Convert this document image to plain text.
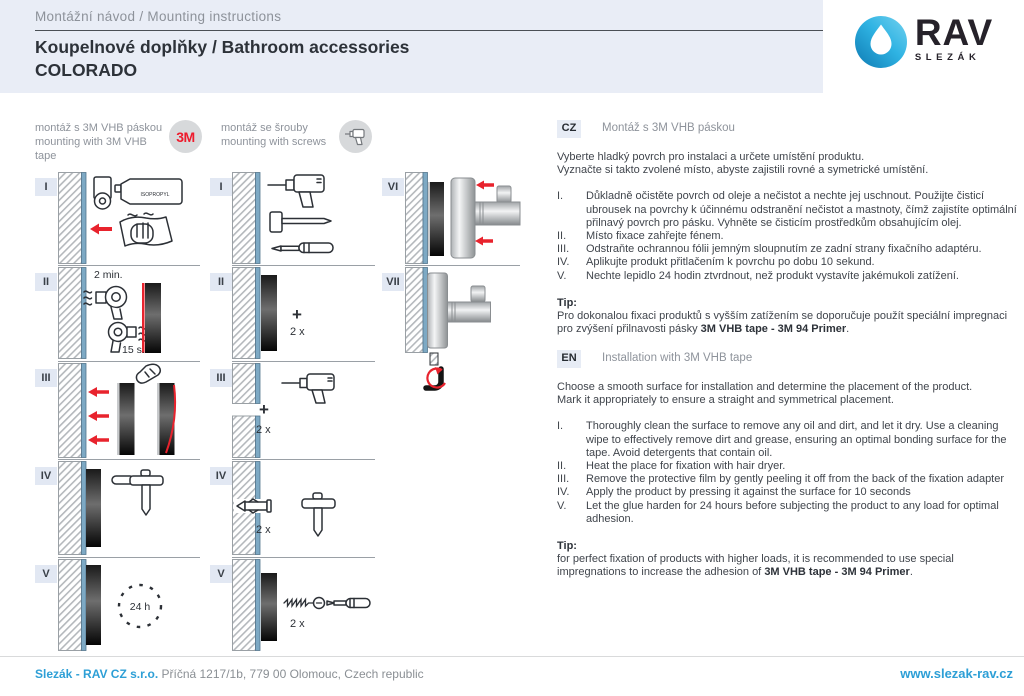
Montážní návod / Mounting instructions
Koupelnové doplňky / Bathroom accessories
COLORADO
RAV
SLEZÁK
montáž s 3M VHB páskou
mounting with 3M VHB tape
3M
montáž se šrouby
mounting with screws
I
II
III
IV
V
I
II
III
IV
V
VI
VII
ISOPROPYL
2 min.
15 s.
24 h
+
2 x
+
2 x
2 x
2 x
CZ	Montáž s 3M VHB páskou

Vyberte hladký povrch pro instalaci a určete umístění produktu.
Vyznačte si takto zvolené místo, abyste zajistili rovné a symetrické umístění.

I.	Důkladně očistěte povrch od oleje a nečistot a nechte jej uschnout. Použijte čisticí ubrousek na povrchy k účinnému odstranění nečistot a mastnoty, čímž zajistíte optimální přilnavý povrch pro pásku. Vyhněte se čisticím prostředkům obsahujícím olej.
II.	Místo fixace zahřejte fénem.
III.	Odstraňte ochrannou fólii jemným sloupnutím ze zadní strany fixačního adaptéru.
IV.	Aplikujte produkt přitlačením k povrchu po dobu 10 sekund.
V.	Nechte lepidlo 24 hodin ztvrdnout, než produkt vystavíte jakémukoli zatížení.

Tip:
Pro dokonalou fixaci produktů s vyšším zatížením se doporučuje použít speciální impregnaci pro zvýšení přilnavosti pásky 3M VHB tape - 3M 94 Primer.

EN	Installation with 3M VHB tape

Choose a smooth surface for installation and determine the placement of the product.
Mark it appropriately to ensure a straight and symmetrical placement.

I.	Thoroughly clean the surface to remove any oil and dirt, and let it dry. Use a cleaning wipe to effectively remove dirt and grease, ensuring an optimal bonding surface for the tape. Avoid detergents that contain oil.
II.	Heat the place for fixation with hair dryer.
III.	Remove the protective film by gently peeling it off from the back of the fixation adapter
IV.	Apply the product by pressing it against the surface for 10 seconds
V.	Let the glue harden for 24 hours before subjecting the product to any load for optimal adhesion.

Tip:
for perfect fixation of products with higher loads, it is recommended to use special impregnations to increase the adhesion of 3M VHB tape - 3M 94 Primer.

Slezák - RAV CZ s.r.o. Příčná 1217/1b, 779 00 Olomouc, Czech republic	www.slezak-rav.cz
